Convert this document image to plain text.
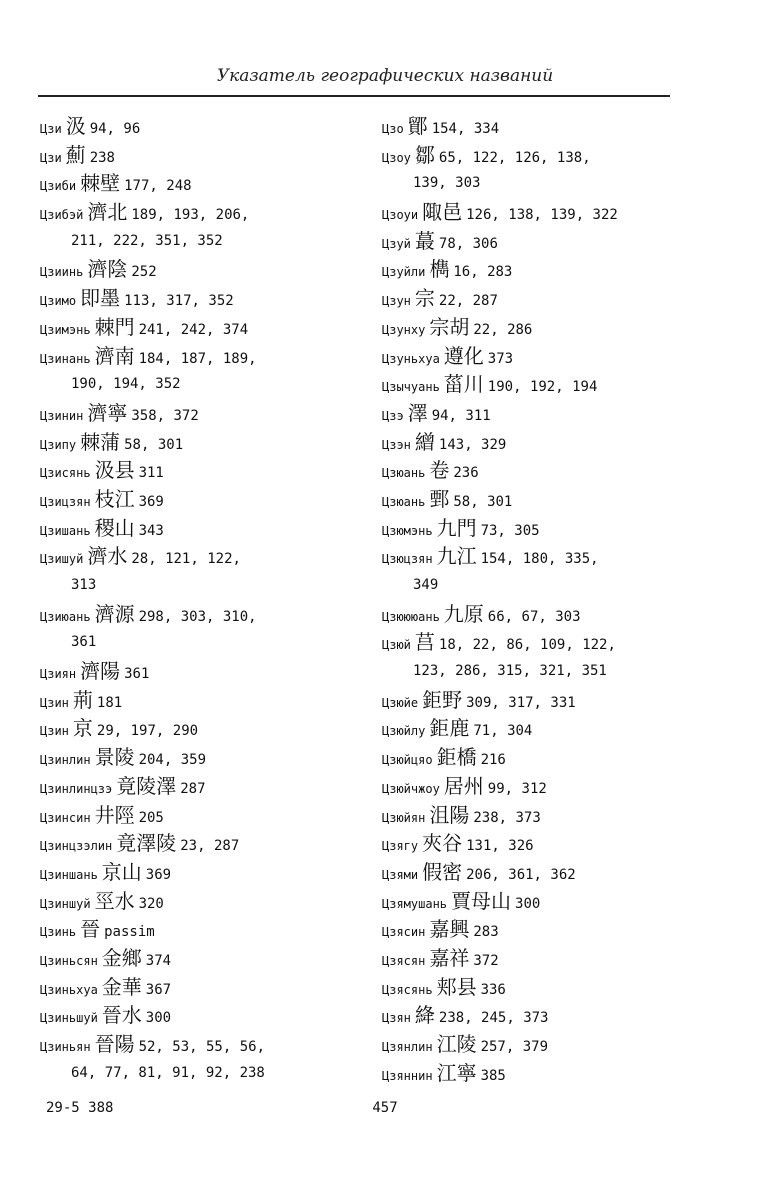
Указатель географических названий
Цзи 汲 94, 96
Цзи 薊 238
Цзиби 棘壁 177, 248
Цзибэй 濟北 189, 193, 206,
211, 222, 351, 352
Цзиинь 濟陰 252
Цзимо 即墨 113, 317, 352
Цзимэнь 棘門 241, 242, 374
Цзинань 濟南 184, 187, 189,
190, 194, 352
Цзинин 濟寧 358, 372
Цзипу 棘蒲 58, 301
Цзисянь 汲县 311
Цзицзян 枝江 369
Цзишань 稷山 343
Цзишуй 濟水 28, 121, 122,
313
Цзиюань 濟源 298, 303, 310,
361
Цзиян 濟陽 361
Цзин 荊 181
Цзин 京 29, 197, 290
Цзинлин 景陵 204, 359
Цзинлинцзэ 竟陵澤 287
Цзинсин 井陘 205
Цзинцзэлин 竟澤陵 23, 287
Цзиншань 京山 369
Цзиншуй 巠水 320
Цзинь 晉 passim
Цзиньсян 金鄉 374
Цзиньхуа 金華 367
Цзиньшуй 晉水 300
Цзиньян 晉陽 52, 53, 55, 56,
64, 77, 81, 91, 92, 238
Цзо 鄮 154, 334
Цзоу 鄒 65, 122, 126, 138,
139, 303
Цзоуи 陬邑 126, 138, 139, 322
Цзуй 蕞 78, 306
Цзуйли 檇 16, 283
Цзун 宗 22, 287
Цзунху 宗胡 22, 286
Цзуньхуа 遵化 373
Цзычуань 菑川 190, 192, 194
Цзэ 澤 94, 311
Цзэн 繒 143, 329
Цзюань 卷 236
Цзюань 鄄 58, 301
Цзюмэнь 九門 73, 305
Цзюцзян 九江 154, 180, 335,
349
Цзюююань 九原 66, 67, 303
Цзюй 莒 18, 22, 86, 109, 122,
123, 286, 315, 321, 351
Цзюйе 鉅野 309, 317, 331
Цзюйлу 鉅鹿 71, 304
Цзюйцяо 鉅橋 216
Цзюйчжоу 居州 99, 312
Цзюйян 沮陽 238, 373
Цзягу 夾谷 131, 326
Цзями 假密 206, 361, 362
Цзямушань 賈母山 300
Цзясин 嘉興 283
Цзясян 嘉祥 372
Цзясянь 郏县 336
Цзян 絳 238, 245, 373
Цзянлин 江陵 257, 379
Цзяннин 江寧 385
29-5 388	457
